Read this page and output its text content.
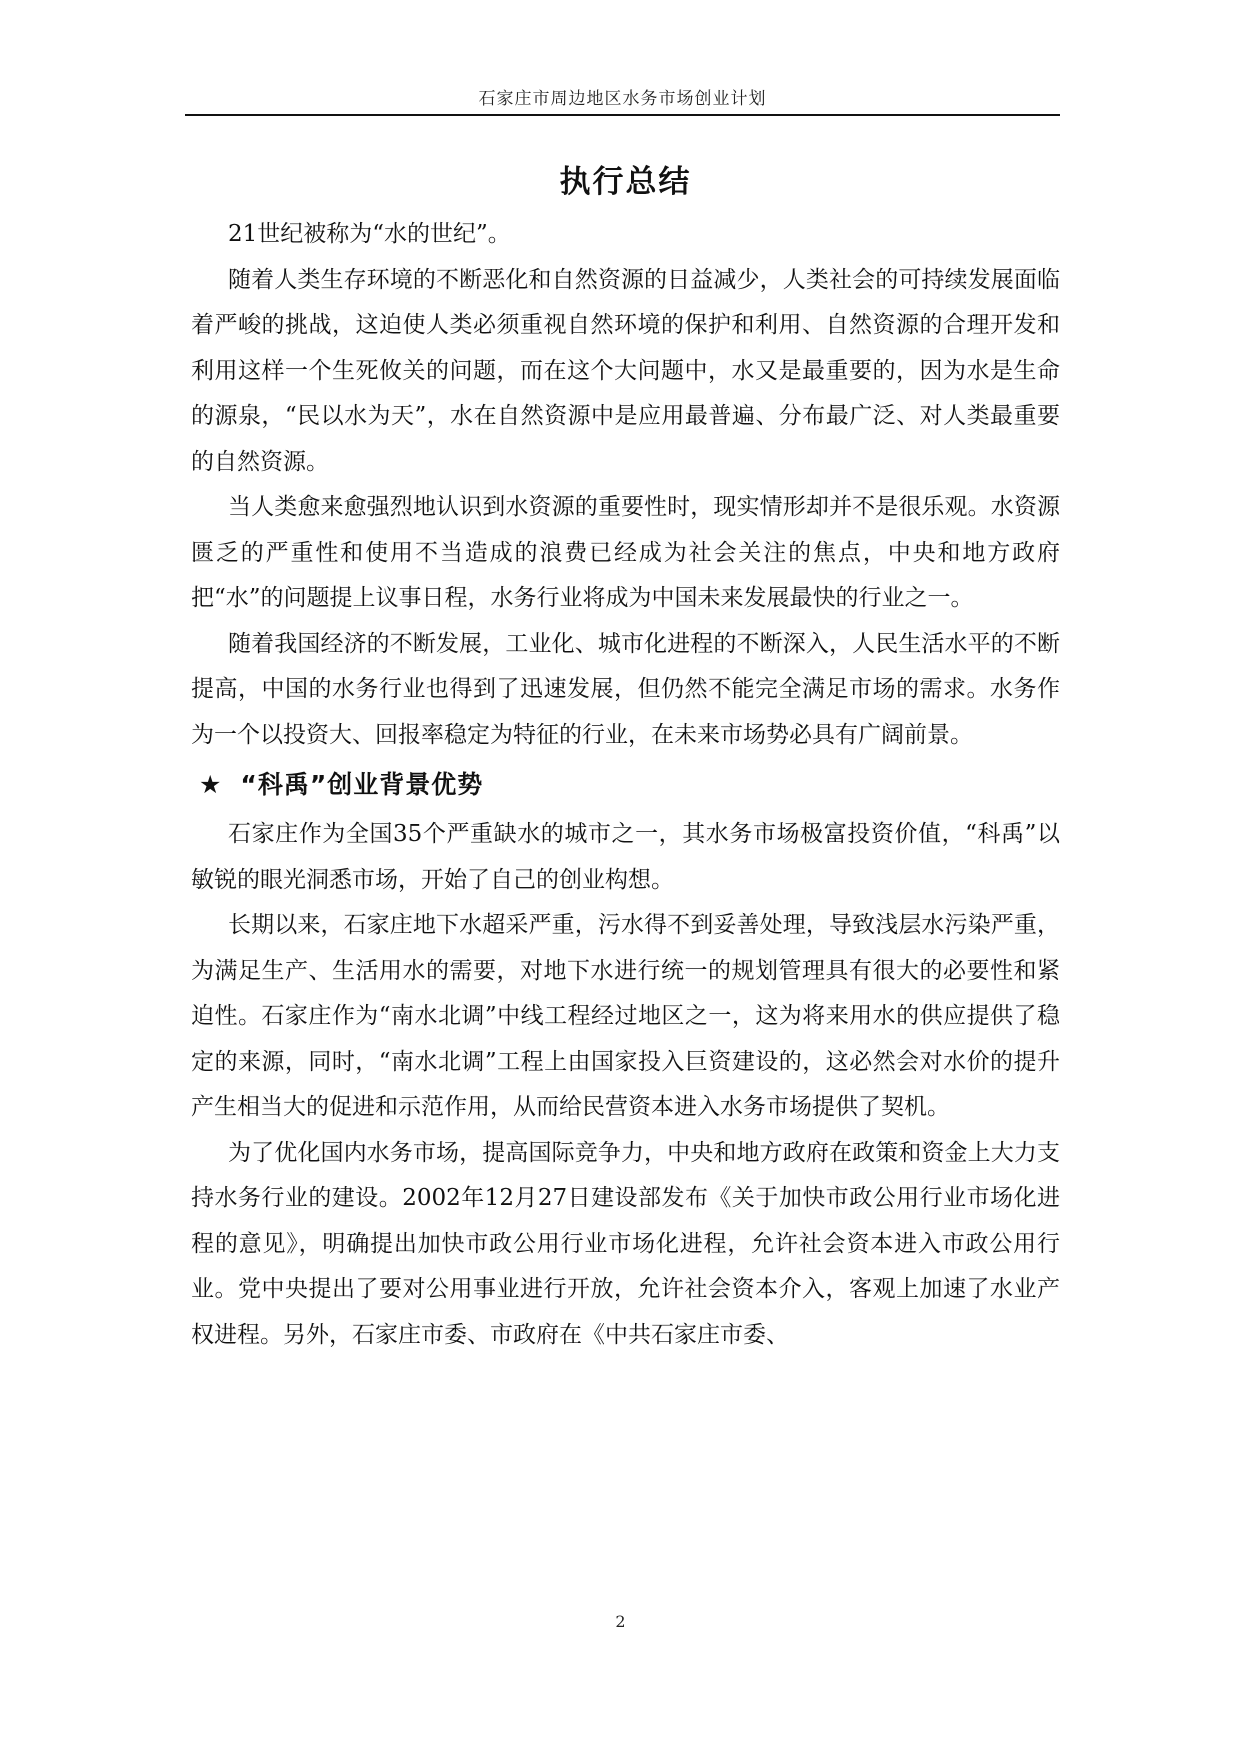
石家庄市周边地区水务市场创业计划
执行总结

21世纪被称为“水的世纪”。

随着人类生存环境的不断恶化和自然资源的日益减少，人类社会的可持续发展面临着严峻的挑战，这迫使人类必须重视自然环境的保护和利用、自然资源的合理开发和利用这样一个生死攸关的问题，而在这个大问题中，水又是最重要的，因为水是生命的源泉，“民以水为天”，水在自然资源中是应用最普遍、分布最广泛、对人类最重要的自然资源。

当人类愈来愈强烈地认识到水资源的重要性时，现实情形却并不是很乐观。水资源匮乏的严重性和使用不当造成的浪费已经成为社会关注的焦点，中央和地方政府把“水”的问题提上议事日程，水务行业将成为中国未来发展最快的行业之一。

随着我国经济的不断发展，工业化、城市化进程的不断深入，人民生活水平的不断提高，中国的水务行业也得到了迅速发展，但仍然不能完全满足市场的需求。水务作为一个以投资大、回报率稳定为特征的行业，在未来市场势必具有广阔前景。

★ “科禹”创业背景优势

石家庄作为全国35个严重缺水的城市之一，其水务市场极富投资价值，“科禹”以敏锐的眼光洞悉市场，开始了自己的创业构想。

长期以来，石家庄地下水超采严重，污水得不到妥善处理，导致浅层水污染严重，为满足生产、生活用水的需要，对地下水进行统一的规划管理具有很大的必要性和紧迫性。石家庄作为“南水北调”中线工程经过地区之一，这为将来用水的供应提供了稳定的来源，同时，“南水北调”工程上由国家投入巨资建设的，这必然会对水价的提升产生相当大的促进和示范作用，从而给民营资本进入水务市场提供了契机。

为了优化国内水务市场，提高国际竞争力，中央和地方政府在政策和资金上大力支持水务行业的建设。2002年12月27日建设部发布《关于加快市政公用行业市场化进程的意见》，明确提出加快市政公用行业市场化进程，允许社会资本进入市政公用行业。党中央提出了要对公用事业进行开放，允许社会资本介入，客观上加速了水业产权进程。另外，石家庄市委、市政府在《中共石家庄市委、

2
